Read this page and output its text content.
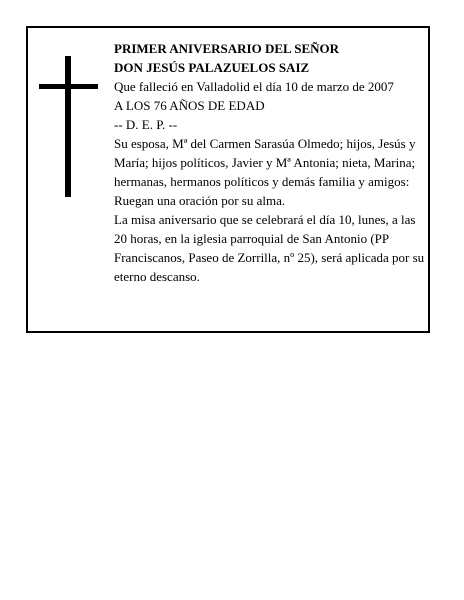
PRIMER ANIVERSARIO DEL SEÑOR
DON JESÚS PALAZUELOS SAIZ
Que falleció en Valladolid el día 10 de marzo de 2007
A LOS 76 AÑOS DE EDAD
-- D. E. P. --
Su esposa, Mª del Carmen Sarasúa Olmedo; hijos, Jesús y María; hijos políticos, Javier y Mª Antonia; nieta, Marina; hermanas, hermanos políticos y demás familia y amigos:
Ruegan una oración por su alma.
La misa aniversario que se celebrará el día 10, lunes, a las 20 horas, en la iglesia parroquial de San Antonio (PP Franciscanos, Paseo de Zorrilla, nº 25), será aplicada por su eterno descanso.
